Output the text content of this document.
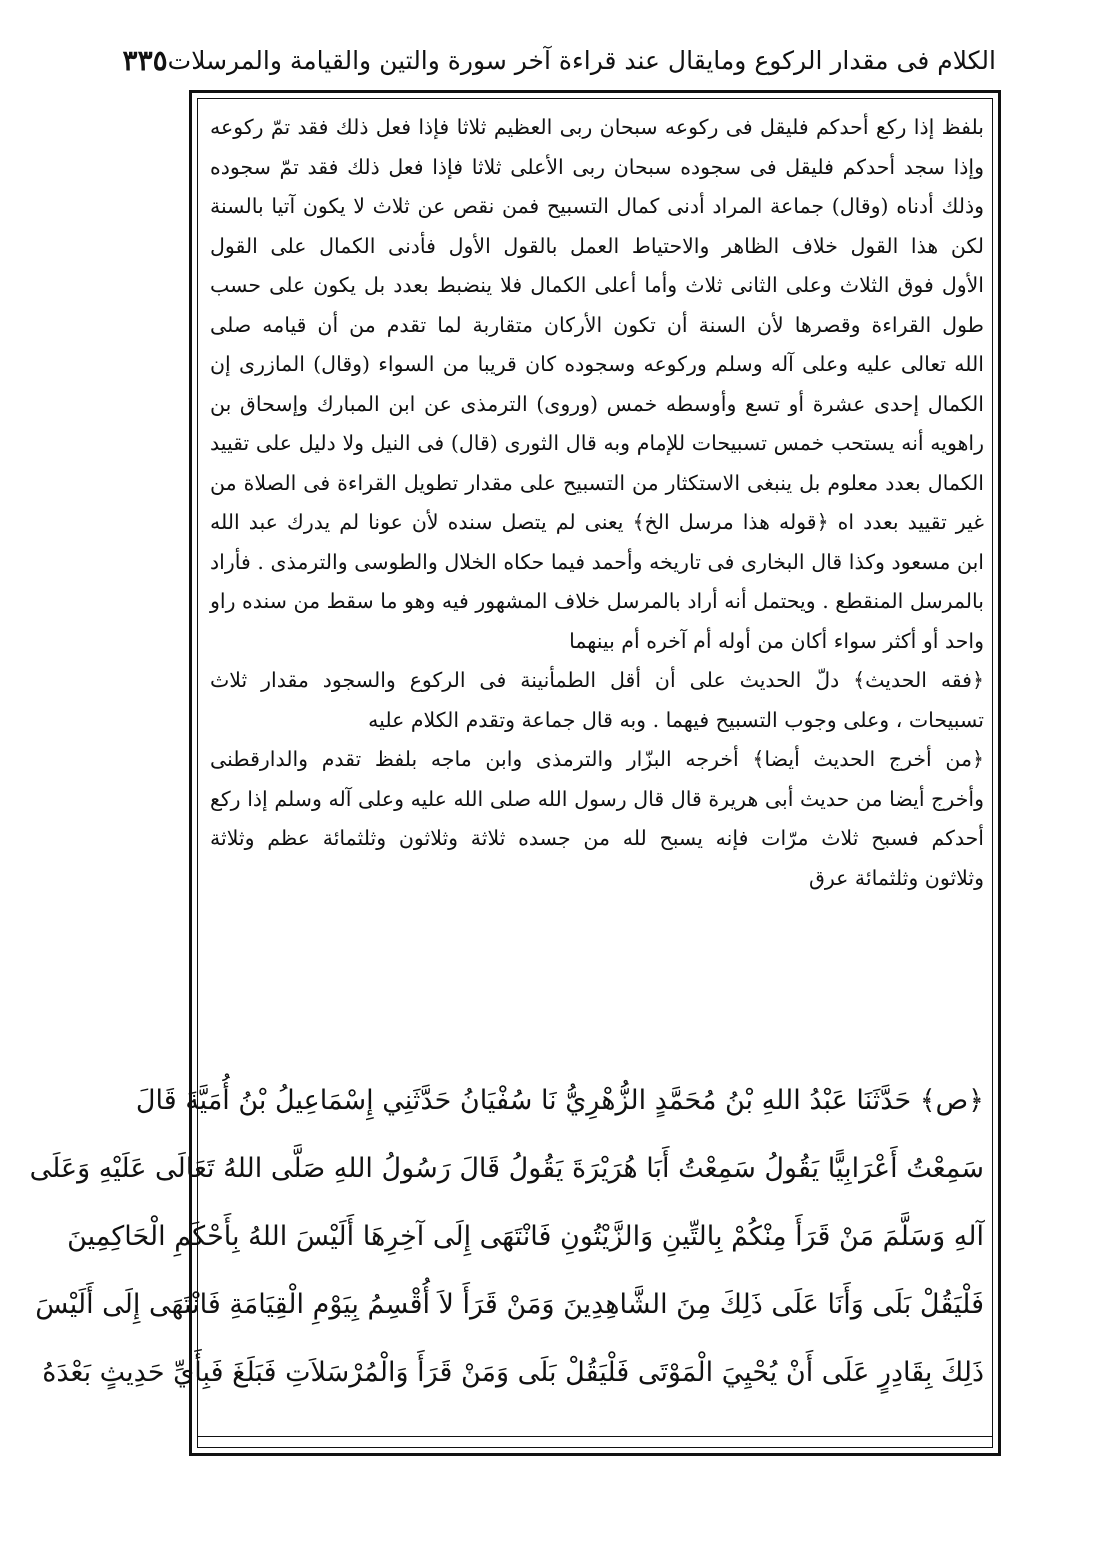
الكلام فى مقدار الركوع ومايقال عند قراءة آخر سورة والتين والقيامة والمرسلات
٣٣٥
بلفظ إذا ركع أحدكم فليقل فى ركوعه سبحان ربى العظيم ثلاثا فإذا فعل ذلك فقد تمّ ركوعه
وإذا سجد أحدكم فليقل فى سجوده سبحان ربى الأعلى ثلاثا فإذا فعل ذلك فقد تمّ سجوده
وذلك أدناه (وقال) جماعة المراد أدنى كمال التسبيح فمن نقص عن ثلاث لا يكون آتيا بالسنة
لكن هذا القول خلاف الظاهر والاحتياط العمل بالقول الأول فأدنى الكمال على القول
الأول فوق الثلاث وعلى الثانى ثلاث وأما أعلى الكمال فلا ينضبط بعدد بل يكون على حسب
طول القراءة وقصرها لأن السنة أن تكون الأركان متقاربة لما تقدم من أن قيامه صلى
الله تعالى عليه وعلى آله وسلم وركوعه وسجوده كان قريبا من السواء (وقال) المازرى إن
الكمال إحدى عشرة أو تسع وأوسطه خمس (وروى) الترمذى عن ابن المبارك وإسحاق بن
راهويه أنه يستحب خمس تسبيحات للإمام وبه قال الثورى (قال) فى النيل ولا دليل على تقييد
الكمال بعدد معلوم بل ينبغى الاستكثار من التسبيح على مقدار تطويل القراءة فى الصلاة من
غير تقييد بعدد اه ﴿قوله هذا مرسل الخ﴾ يعنى لم يتصل سنده لأن عونا لم يدرك عبد الله
ابن مسعود وكذا قال البخارى فى تاريخه وأحمد فيما حكاه الخلال والطوسى والترمذى . فأراد
بالمرسل المنقطع . ويحتمل أنه أراد بالمرسل خلاف المشهور فيه وهو ما سقط من سنده راو
واحد أو أكثر سواء أكان من أوله أم آخره أم بينهما
﴿فقه الحديث﴾ دلّ الحديث على أن أقل الطمأنينة فى الركوع والسجود مقدار ثلاث
تسبيحات ، وعلى وجوب التسبيح فيهما . وبه قال جماعة وتقدم الكلام عليه
﴿من أخرج الحديث أيضا﴾ أخرجه البزّار والترمذى وابن ماجه بلفظ تقدم والدارقطنى
وأخرج أيضا من حديث أبى هريرة قال قال رسول الله صلى الله عليه وعلى آله وسلم إذا ركع
أحدكم فسبح ثلاث مرّات فإنه يسبح لله من جسده ثلاثة وثلاثون وثلثمائة عظم وثلاثة
وثلاثون وثلثمائة عرق
﴿ص﴾ حَدَّثَنَا عَبْدُ اللهِ بْنُ مُحَمَّدٍ الزُّهْرِيُّ نَا سُفْيَانُ حَدَّثَنِي إِسْمَاعِيلُ بْنُ أُمَيَّةَ قَالَ
سَمِعْتُ أَعْرَابِيًّا يَقُولُ سَمِعْتُ أَبَا هُرَيْرَةَ يَقُولُ قَالَ رَسُولُ اللهِ صَلَّى اللهُ تَعَالَى عَلَيْهِ وَعَلَى
آلهِ وَسَلَّمَ مَنْ قَرَأَ مِنْكُمْ بِالتِّينِ وَالزَّيْتُونِ فَانْتَهَى إِلَى آخِرِهَا أَلَيْسَ اللهُ بِأَحْكَمِ الْحَاكِمِينَ
فَلْيَقُلْ بَلَى وَأَنَا عَلَى ذَلِكَ مِنَ الشَّاهِدِينَ وَمَنْ قَرَأَ لاَ أُقْسِمُ بِيَوْمِ الْقِيَامَةِ فَانْتَهَى إِلَى أَلَيْسَ
ذَلِكَ بِقَادِرٍ عَلَى أَنْ يُحْيِيَ الْمَوْتَى فَلْيَقُلْ بَلَى وَمَنْ قَرَأَ وَالْمُرْسَلاَتِ فَبَلَغَ فَبِأَيِّ حَدِيثٍ بَعْدَهُ
